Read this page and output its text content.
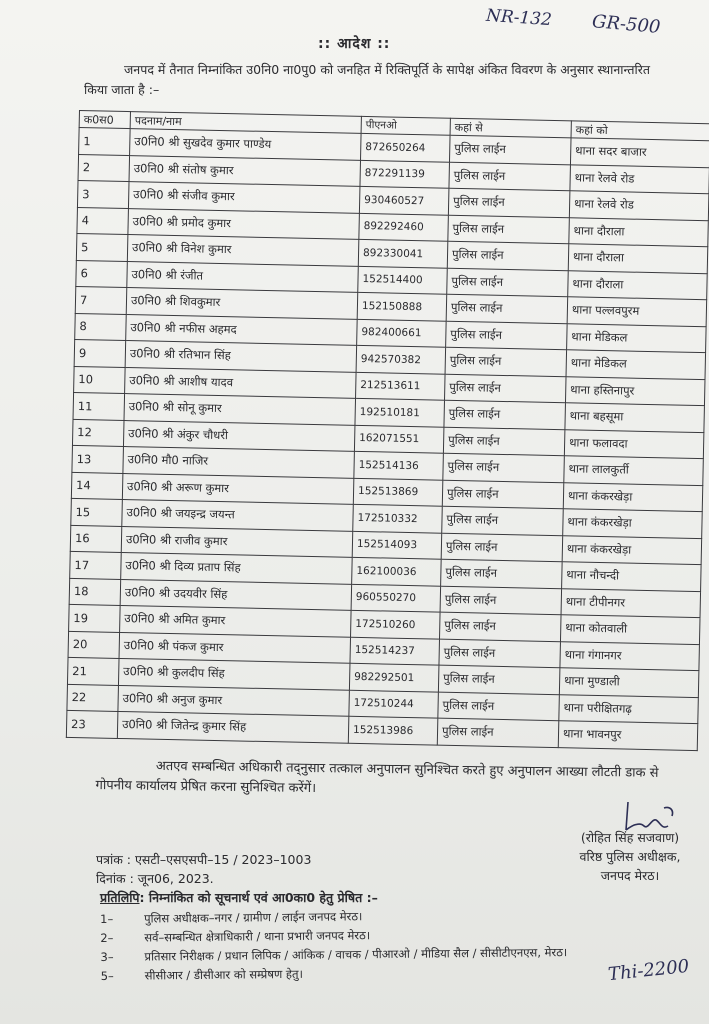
NR-132 GR-500
:: आदेश ::
जनपद में तैनात निम्नांकित उ0नि0 ना0पु0 को जनहित में रिक्तिपूर्ति के सापेक्ष अंकित विवरण के अनुसार स्थानान्तरित किया जाता है :–
क0स0	पदनाम/नाम	पीएनओ	कहां से	कहां को
1	उ0नि0 श्री सुखदेव कुमार पाण्डेय	872650264	पुलिस लाईन	थाना सदर बाजार
2	उ0नि0 श्री संतोष कुमार	872291139	पुलिस लाईन	थाना रेलवे रोड
3	उ0नि0 श्री संजीव कुमार	930460527	पुलिस लाईन	थाना रेलवे रोड
4	उ0नि0 श्री प्रमोद कुमार	892292460	पुलिस लाईन	थाना दौराला
5	उ0नि0 श्री विनेश कुमार	892330041	पुलिस लाईन	थाना दौराला
6	उ0नि0 श्री रंजीत	152514400	पुलिस लाईन	थाना दौराला
7	उ0नि0 श्री शिवकुमार	152150888	पुलिस लाईन	थाना पल्लवपुरम
8	उ0नि0 श्री नफीस अहमद	982400661	पुलिस लाईन	थाना मेडिकल
9	उ0नि0 श्री रतिभान सिंह	942570382	पुलिस लाईन	थाना मेडिकल
10	उ0नि0 श्री आशीष यादव	212513611	पुलिस लाईन	थाना हस्तिनापुर
11	उ0नि0 श्री सोनू कुमार	192510181	पुलिस लाईन	थाना बहसूमा
12	उ0नि0 श्री अंकुर चौधरी	162071551	पुलिस लाईन	थाना फलावदा
13	उ0नि0 मौ0 नाजिर	152514136	पुलिस लाईन	थाना लालकुर्ती
14	उ0नि0 श्री अरूण कुमार	152513869	पुलिस लाईन	थाना कंकरखेड़ा
15	उ0नि0 श्री जयइन्द्र जयन्त	172510332	पुलिस लाईन	थाना कंकरखेड़ा
16	उ0नि0 श्री राजीव कुमार	152514093	पुलिस लाईन	थाना कंकरखेड़ा
17	उ0नि0 श्री दिव्य प्रताप सिंह	162100036	पुलिस लाईन	थाना नौचन्दी
18	उ0नि0 श्री उदयवीर सिंह	960550270	पुलिस लाईन	थाना टीपीनगर
19	उ0नि0 श्री अमित कुमार	172510260	पुलिस लाईन	थाना कोतवाली
20	उ0नि0 श्री पंकज कुमार	152514237	पुलिस लाईन	थाना गंगानगर
21	उ0नि0 श्री कुलदीप सिंह	982292501	पुलिस लाईन	थाना मुण्डाली
22	उ0नि0 श्री अनुज कुमार	172510244	पुलिस लाईन	थाना परीक्षितगढ़
23	उ0नि0 श्री जितेन्द्र कुमार सिंह	152513986	पुलिस लाईन	थाना भावनपुर
अतएव सम्बन्धित अधिकारी तद्नुसार तत्काल अनुपालन सुनिश्चित करते हुए अनुपालन आख्या लौटती डाक से गोपनीय कार्यालय प्रेषित करना सुनिश्चित करेंगें।
(रोहित सिंह सजवाण)
वरिष्ठ पुलिस अधीक्षक,
जनपद मेरठ।
पत्रांक : एसटी–एसएसपी–15 / 2023–1003
दिनांक : जून06, 2023.
प्रतिलिपि: निम्नांकित को सूचनार्थ एवं आ0का0 हेतु प्रेषित :–
1–	पुलिस अधीक्षक–नगर / ग्रामीण / लाईन जनपद मेरठ।
2–	सर्व–सम्बन्धित क्षेत्राधिकारी / थाना प्रभारी जनपद मेरठ।
3–	प्रतिसार निरीक्षक / प्रधान लिपिक / आंकिक / वाचक / पीआरओ / मीडिया सैल / सीसीटीएनएस, मेरठ।
5–	सीसीआर / डीसीआर को सम्प्रेषण हेतु।	Thi-2200
